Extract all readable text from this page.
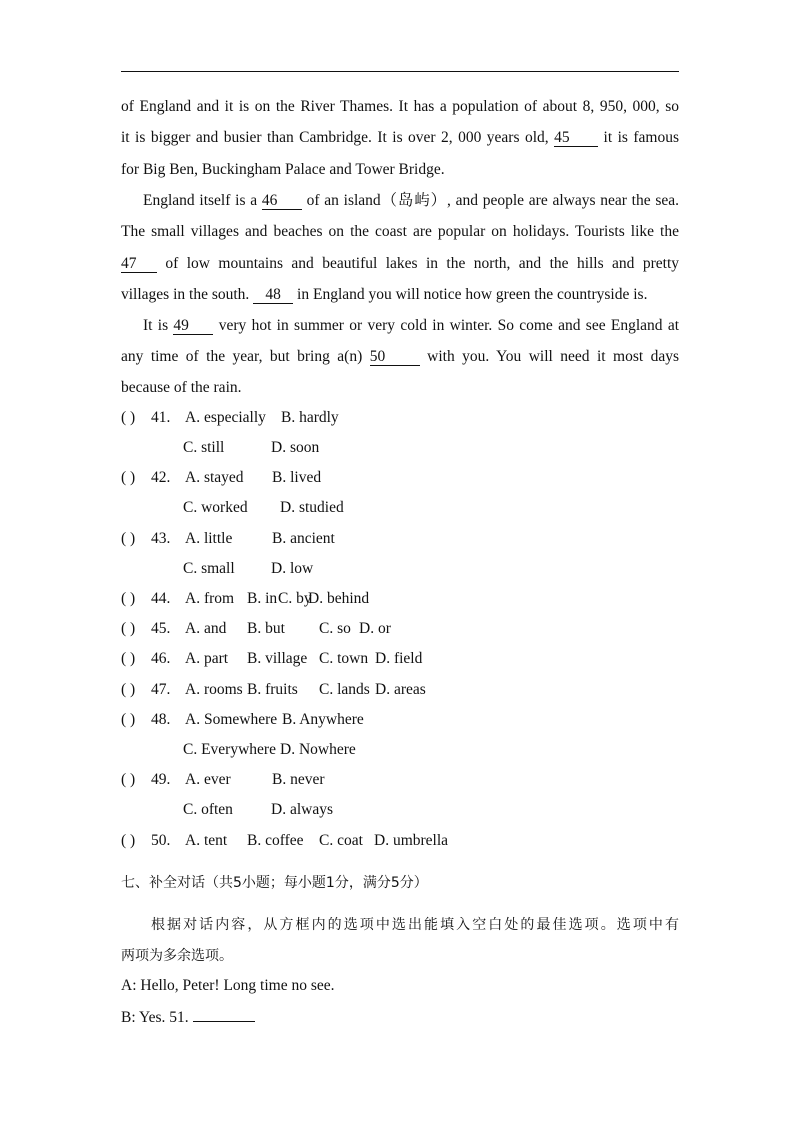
of England and it is on the River Thames. It has a population of about 8, 950, 000, so
it is bigger and busier than Cambridge. It is over 2, 000 years old, 45 it is famous
for Big Ben, Buckingham Palace and Tower Bridge.
England itself is a 46 of an island（岛屿）, and people are always near the sea.
The small villages and beaches on the coast are popular on holidays. Tourists like the
47 of low mountains and beautiful lakes in the north, and the hills and pretty
villages in the south. 48 in England you will notice how green the countryside is.
It is 49 very hot in summer or very cold in winter. So come and see England at
any time of the year, but bring a(n) 50	with you. You will need it most days
because of the rain.
( ) 41. A. especially B. hardly
C. still	D. soon
( ) 42. A. stayed B. lived
C. worked D. studied
( ) 43. A. little	B. ancient
C. small D. low
( ) 44. A. from B. inC. byD. behind
( ) 45. A. and B. but C. so D. or
( ) 46. A. part B. village C. town D. field
( ) 47. A. rooms B. fruits C. lands D. areas
( ) 48. A. Somewhere B. Anywhere
C. Everywhere D. Nowhere
( ) 49. A. ever	B. never
C. often D. always
( ) 50. A. tent B. coffee C. coat D. umbrella
七、补全对话（共5小题；每小题1分，满分5分）
根据对话内容，从方框内的选项中选出能填入空白处的最佳选项。选项中有
两项为多余选项。
A: Hello, Peter! Long time no see.
B: Yes. 51.
